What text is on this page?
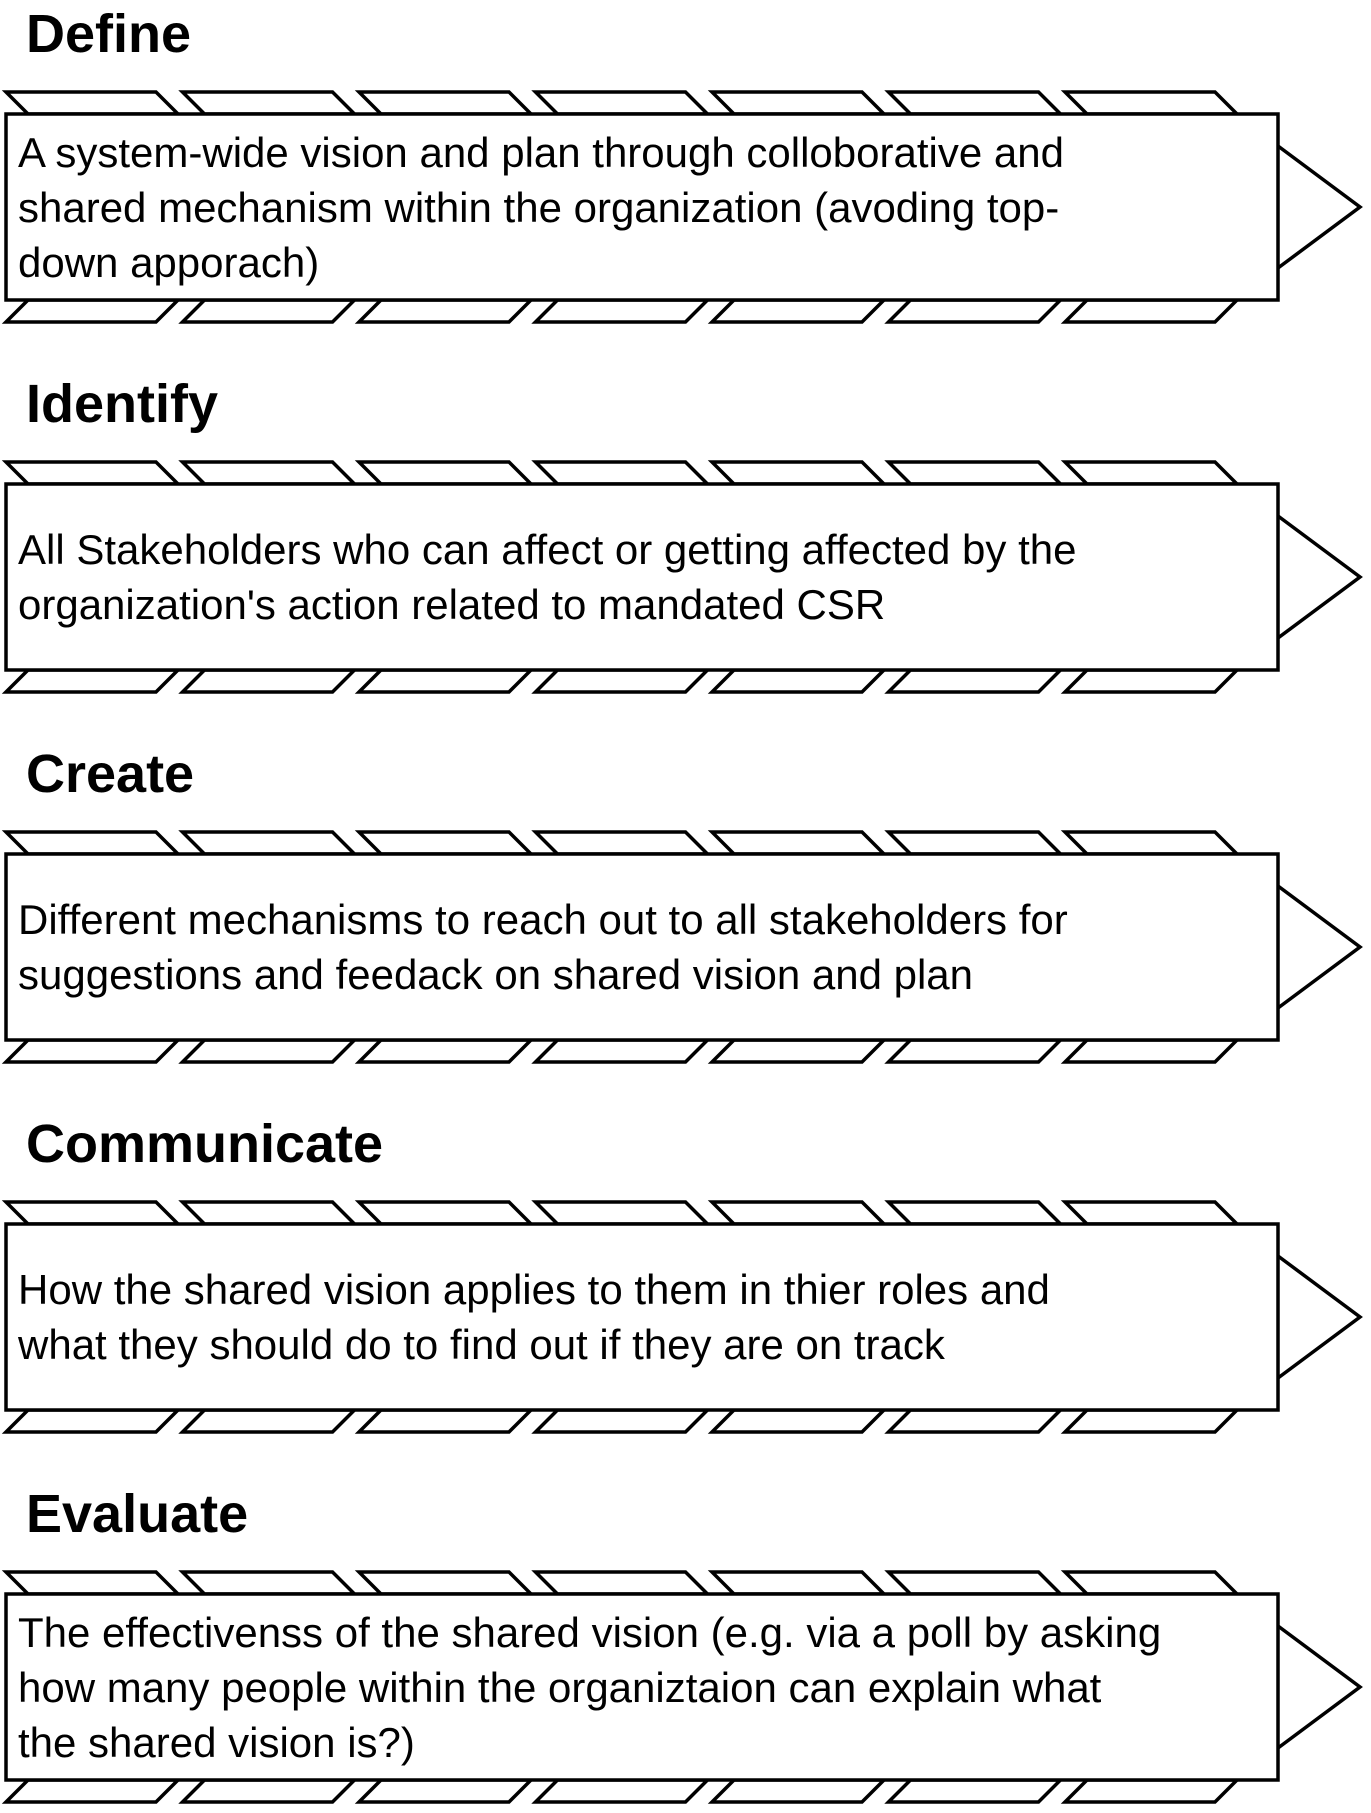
Define
A system-wide vision and plan through colloborative and
shared mechanism within the organization (avoding top-
down apporach)
Identify
All Stakeholders who can affect or getting affected by the
organization's action related to mandated CSR
Create
Different mechanisms to reach out to all stakeholders for
suggestions and feedack on shared vision and plan
Communicate
How the shared vision applies to them in thier roles and
what they should do to find out if they are on track
Evaluate
The effectivenss of the shared vision (e.g. via a poll by asking
how many people within the organiztaion can explain what
the shared vision is?)
